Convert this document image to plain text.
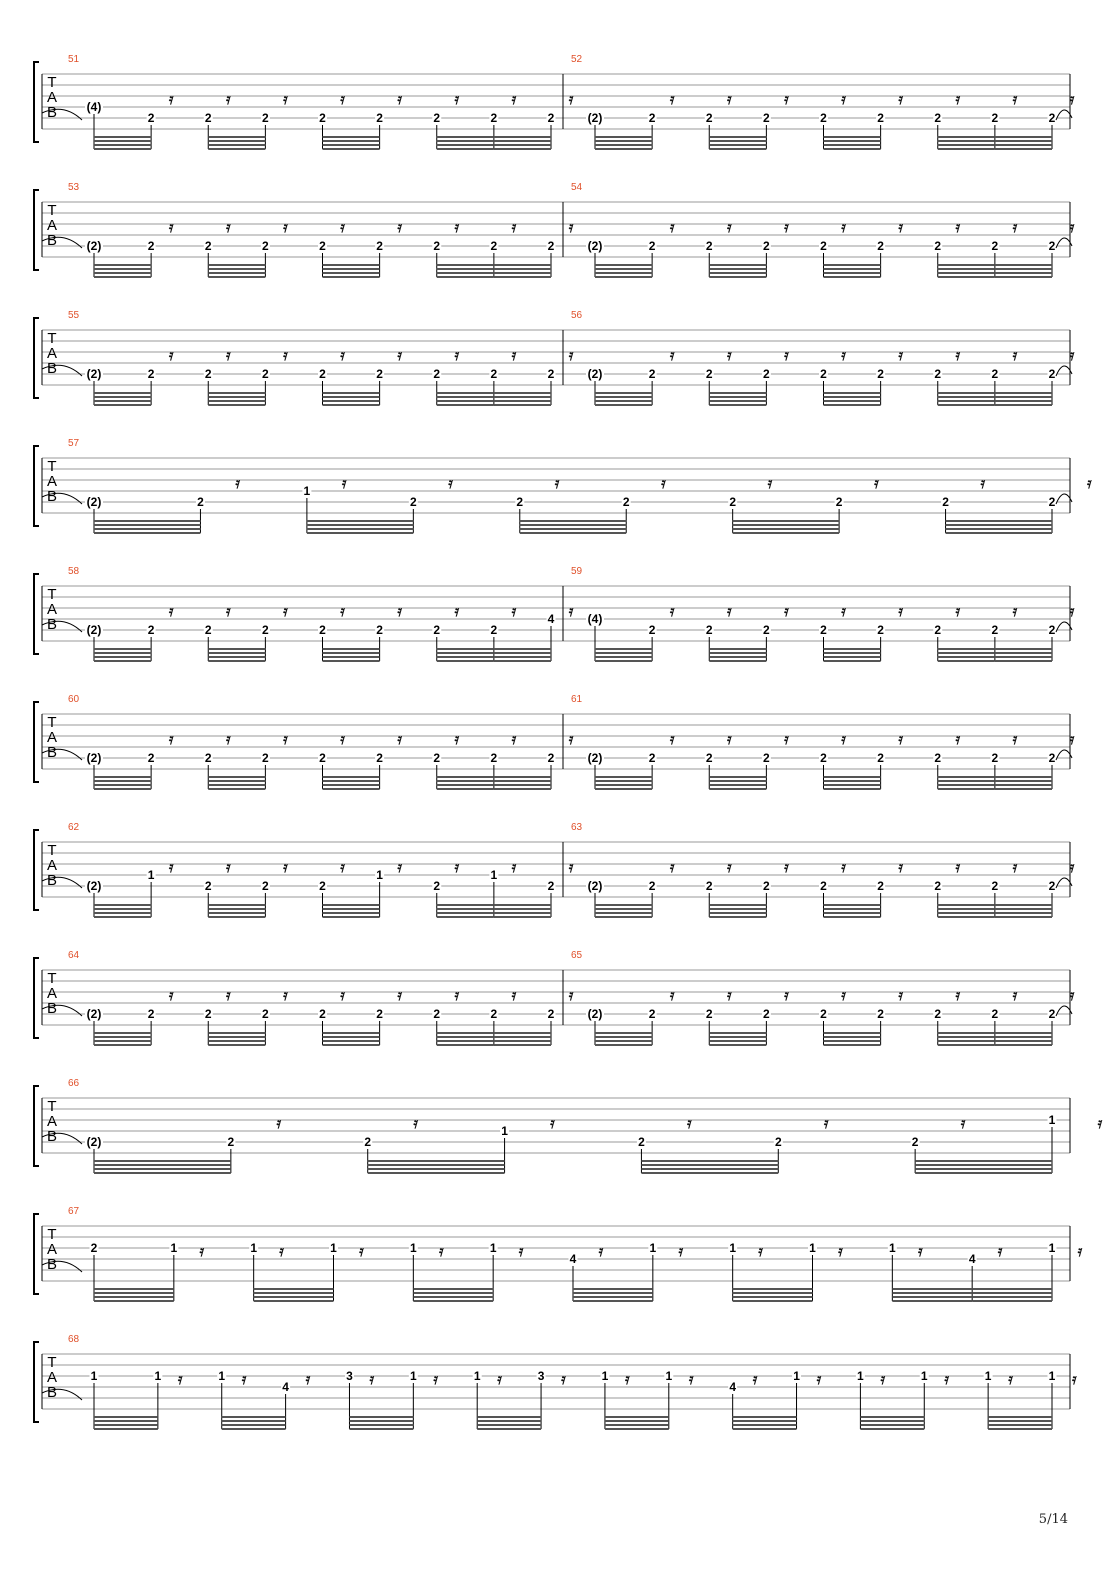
T
A
B
51
(4)	𝄿
2
𝄿
2
𝄿
2
𝄿
2
𝄿
2
𝄿
2
𝄿
2
𝄿
2
52
(2)
𝄿
2
𝄿
2
𝄿
2
𝄿
2
𝄿
2
𝄿
2
𝄿
2
𝄿
2
T
A
B
53
(2)
𝄿
2
𝄿
2
𝄿
2
𝄿
2
𝄿
2
𝄿
2
𝄿
2
𝄿
2
54
(2)
𝄿
2
𝄿
2
𝄿
2
𝄿
2
𝄿
2
𝄿
2
𝄿
2
𝄿
2
T
A
B
55
(2)
𝄿
2
𝄿
2
𝄿
2
𝄿
2
𝄿
2
𝄿
2
𝄿
2
𝄿
2
56
(2)
𝄿
2
𝄿
2
𝄿
2
𝄿
2
𝄿
2
𝄿
2
𝄿
2
𝄿
2
T
A
B
57
(2)
𝄿
2
𝄿
1	𝄿
2
𝄿
2
𝄿
2
𝄿
2
𝄿
2
𝄿
2
𝄿
2
T
A
B
58
(2)
𝄿
2
𝄿
2
𝄿
2
𝄿
2
𝄿
2
𝄿
2
𝄿
2
𝄿
4
59
(4)	𝄿
2
𝄿
2
𝄿
2
𝄿
2
𝄿
2
𝄿
2
𝄿
2
𝄿
2
T
A
B
60
(2)
𝄿
2
𝄿
2
𝄿
2
𝄿
2
𝄿
2
𝄿
2
𝄿
2
𝄿
2
61
(2)
𝄿
2
𝄿
2
𝄿
2
𝄿
2
𝄿
2
𝄿
2
𝄿
2
𝄿
2
T
A
B
62
(2)
𝄿
1	𝄿
2
𝄿
2
𝄿
2
𝄿
1	𝄿
2
𝄿
1	𝄿
2
63
(2)
𝄿
2
𝄿
2
𝄿
2
𝄿
2
𝄿
2
𝄿
2
𝄿
2
𝄿
2
T
A
B
64
(2)
𝄿
2
𝄿
2
𝄿
2
𝄿
2
𝄿
2
𝄿
2
𝄿
2
𝄿
2
65
(2)
𝄿
2
𝄿
2
𝄿
2
𝄿
2
𝄿
2
𝄿
2
𝄿
2
𝄿
2
T
A
B
66
(2)
𝄿
2
𝄿
2
𝄿
1	𝄿
2
𝄿
2
𝄿
2
𝄿
1
T
A
B
67
2	𝄿
1	𝄿
1	𝄿
1	𝄿
1	𝄿
1	𝄿
4	𝄿
1	𝄿
1	𝄿
1	𝄿
1	𝄿
4	𝄿
1
T
A
B
68
1	𝄿
1	𝄿
1	𝄿
4	𝄿
3	𝄿
1	𝄿
1	𝄿
3	𝄿
1	𝄿
1	𝄿
4	𝄿
1	𝄿
1	𝄿
1	𝄿
1	𝄿
1
5/14
